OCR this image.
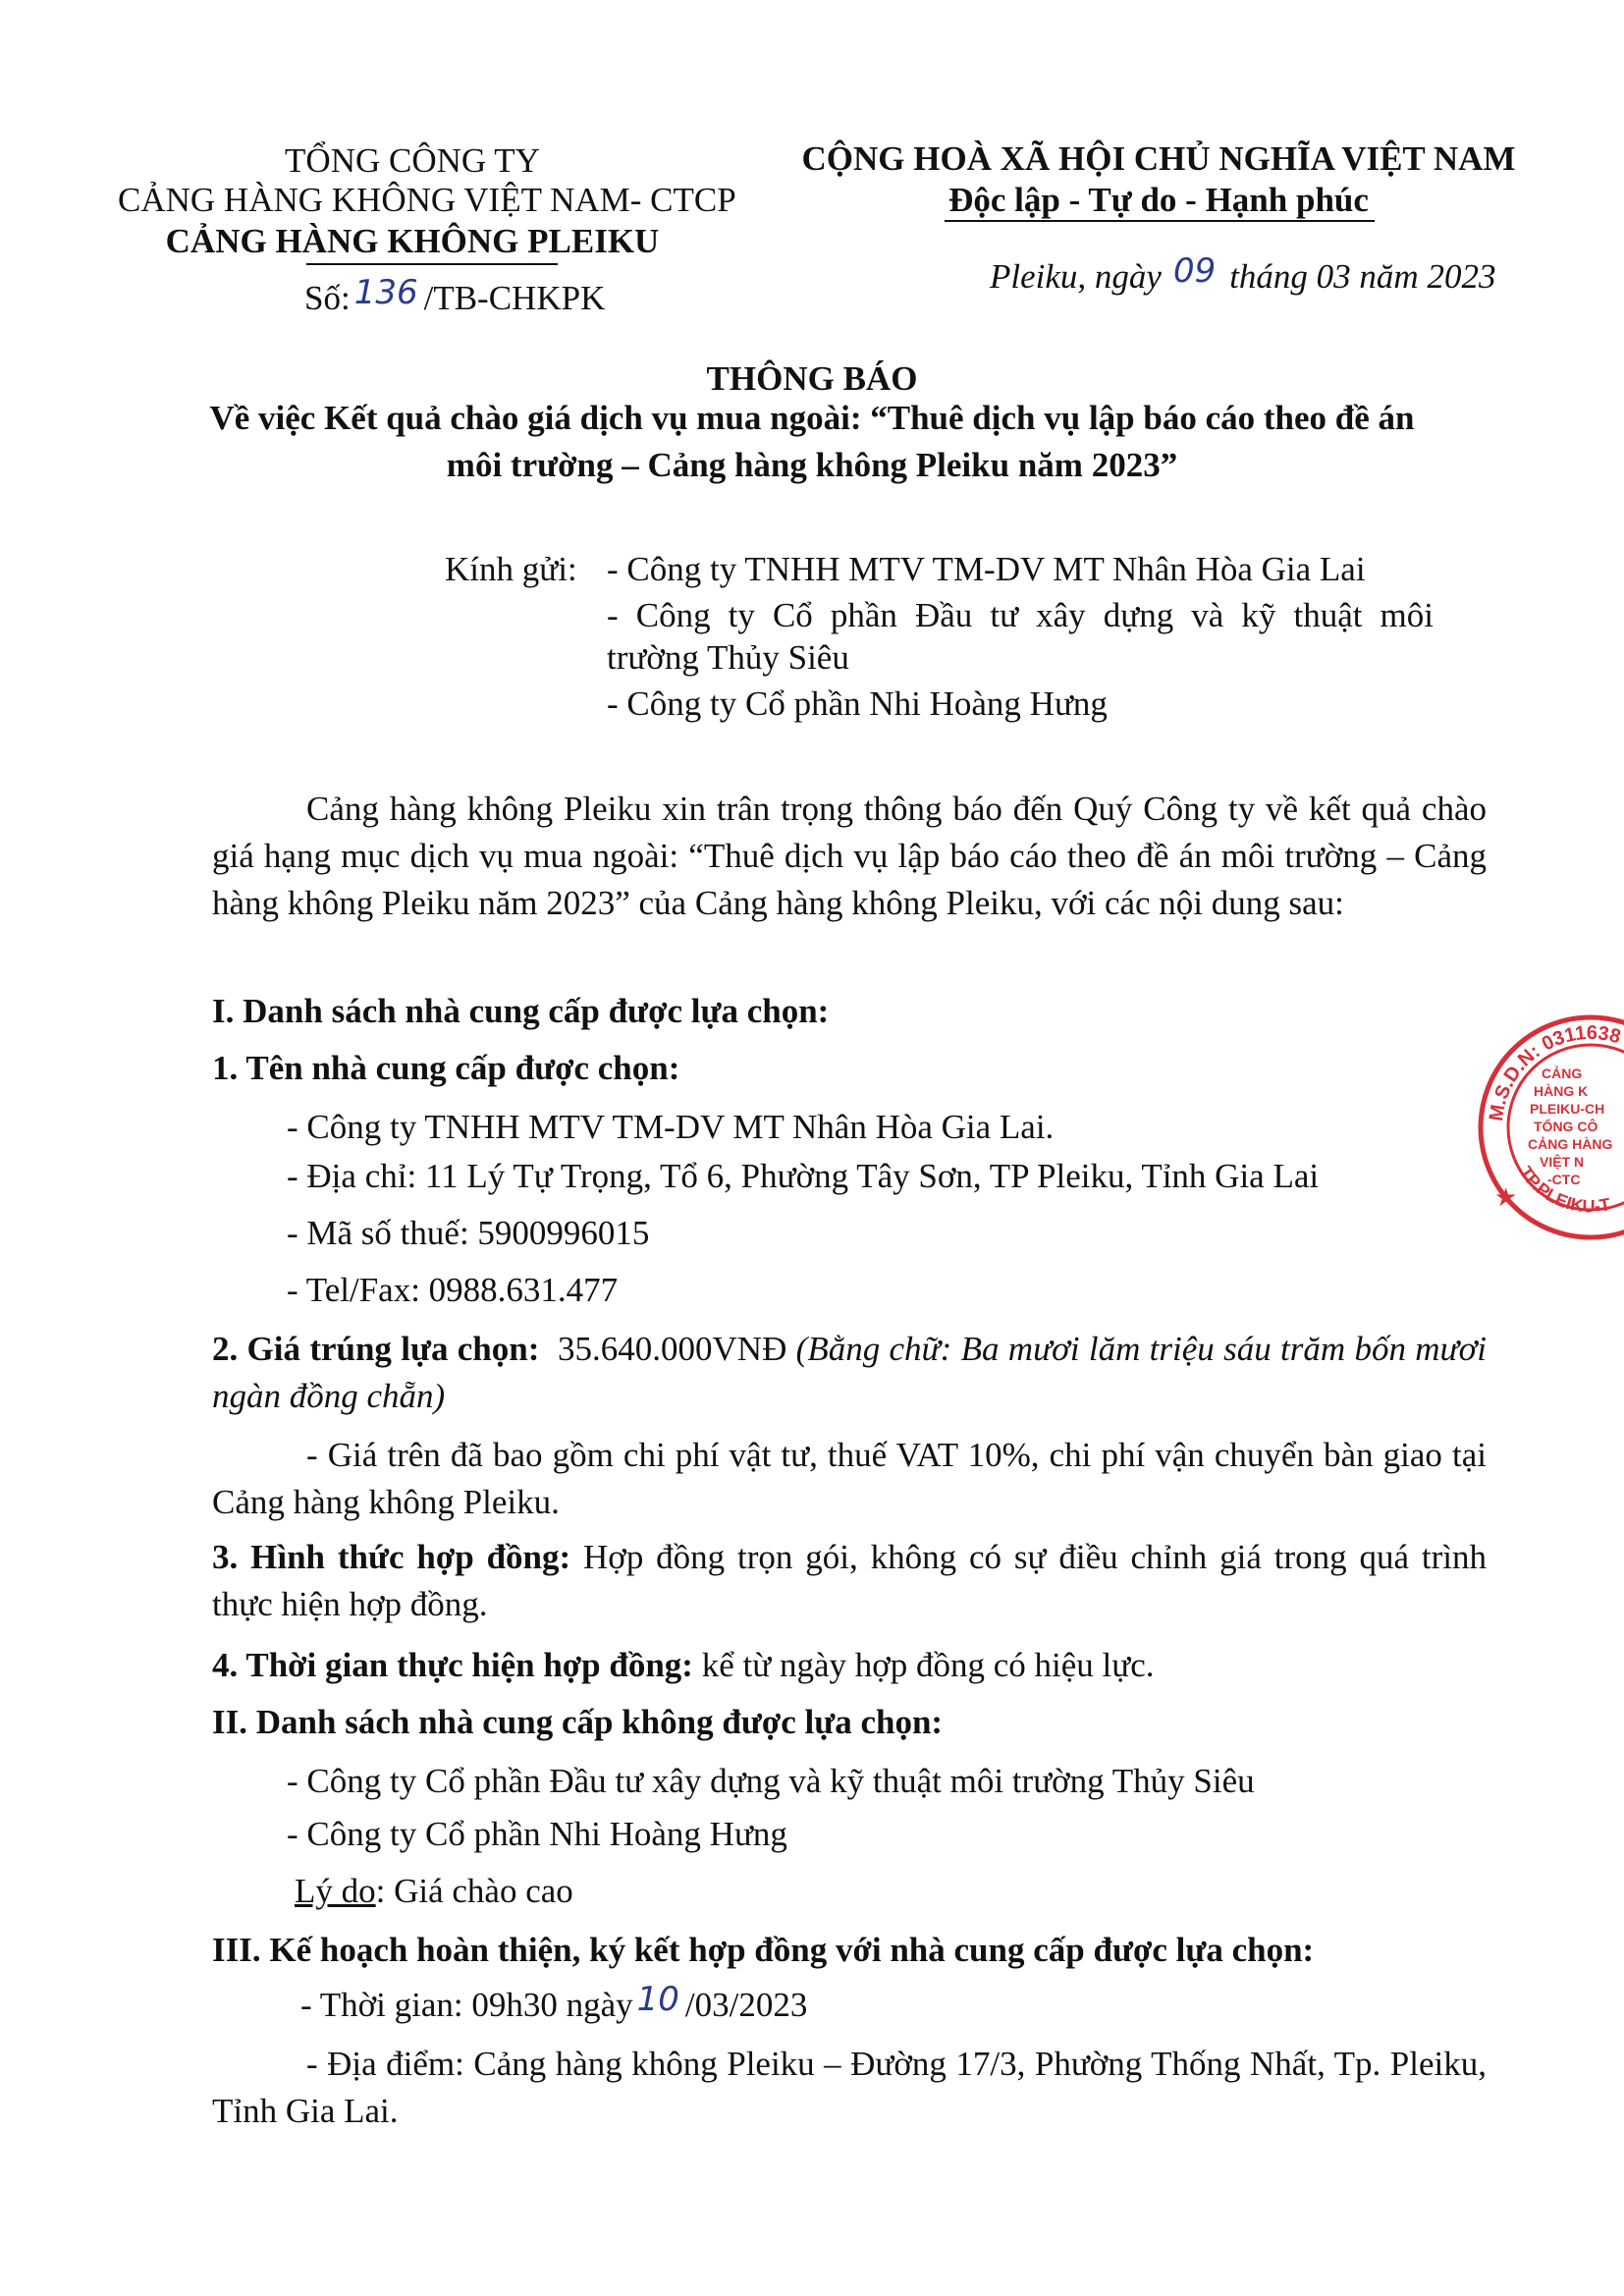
TỔNG CÔNG TY
CẢNG HÀNG KHÔNG VIỆT NAM- CTCP
CẢNG HÀNG KHÔNG PLEIKU
Số: 136 /TB-CHKPK
CỘNG HOÀ XÃ HỘI CHỦ NGHĨA VIỆT NAM
Độc lập - Tự do - Hạnh phúc
Pleiku, ngày 09 tháng 03 năm 2023
THÔNG BÁO
Về việc Kết quả chào giá dịch vụ mua ngoài: “Thuê dịch vụ lập báo cáo theo đề án
môi trường – Cảng hàng không Pleiku năm 2023”
Kính gửi: - Công ty TNHH MTV TM-DV MT Nhân Hòa Gia Lai
- Công ty Cổ phần Đầu tư xây dựng và kỹ thuật môi
trường Thủy Siêu
- Công ty Cổ phần Nhi Hoàng Hưng
Cảng hàng không Pleiku xin trân trọng thông báo đến Quý Công ty về kết quả chào giá hạng mục dịch vụ mua ngoài: “Thuê dịch vụ lập báo cáo theo đề án môi trường – Cảng hàng không Pleiku năm 2023” của Cảng hàng không Pleiku, với các nội dung sau:
I. Danh sách nhà cung cấp được lựa chọn:
1. Tên nhà cung cấp được chọn:
- Công ty TNHH MTV TM-DV MT Nhân Hòa Gia Lai.
- Địa chỉ: 11 Lý Tự Trọng, Tổ 6, Phường Tây Sơn, TP Pleiku, Tỉnh Gia Lai
- Mã số thuế: 5900996015
- Tel/Fax: 0988.631.477
2. Giá trúng lựa chọn: 35.640.000VNĐ (Bằng chữ: Ba mươi lăm triệu sáu trăm bốn mươi ngàn đồng chẵn)
- Giá trên đã bao gồm chi phí vật tư, thuế VAT 10%, chi phí vận chuyển bàn giao tại Cảng hàng không Pleiku.
3. Hình thức hợp đồng: Hợp đồng trọn gói, không có sự điều chỉnh giá trong quá trình thực hiện hợp đồng.
4. Thời gian thực hiện hợp đồng: kể từ ngày hợp đồng có hiệu lực.
II. Danh sách nhà cung cấp không được lựa chọn:
- Công ty Cổ phần Đầu tư xây dựng và kỹ thuật môi trường Thủy Siêu
- Công ty Cổ phần Nhi Hoàng Hưng
Lý do: Giá chào cao
III. Kế hoạch hoàn thiện, ký kết hợp đồng với nhà cung cấp được lựa chọn:
- Thời gian: 09h30 ngày 10 /03/2023
- Địa điểm: Cảng hàng không Pleiku – Đường 17/3, Phường Thống Nhất, Tp. Pleiku, Tỉnh Gia Lai.
M.S.D.N: 0311638
TP.PLEIKU-T
CẢNG
HÀNG K
PLEIKU-CH
TỔNG CÔ
CẢNG HÀNG
VIỆT N
-CTC
★
